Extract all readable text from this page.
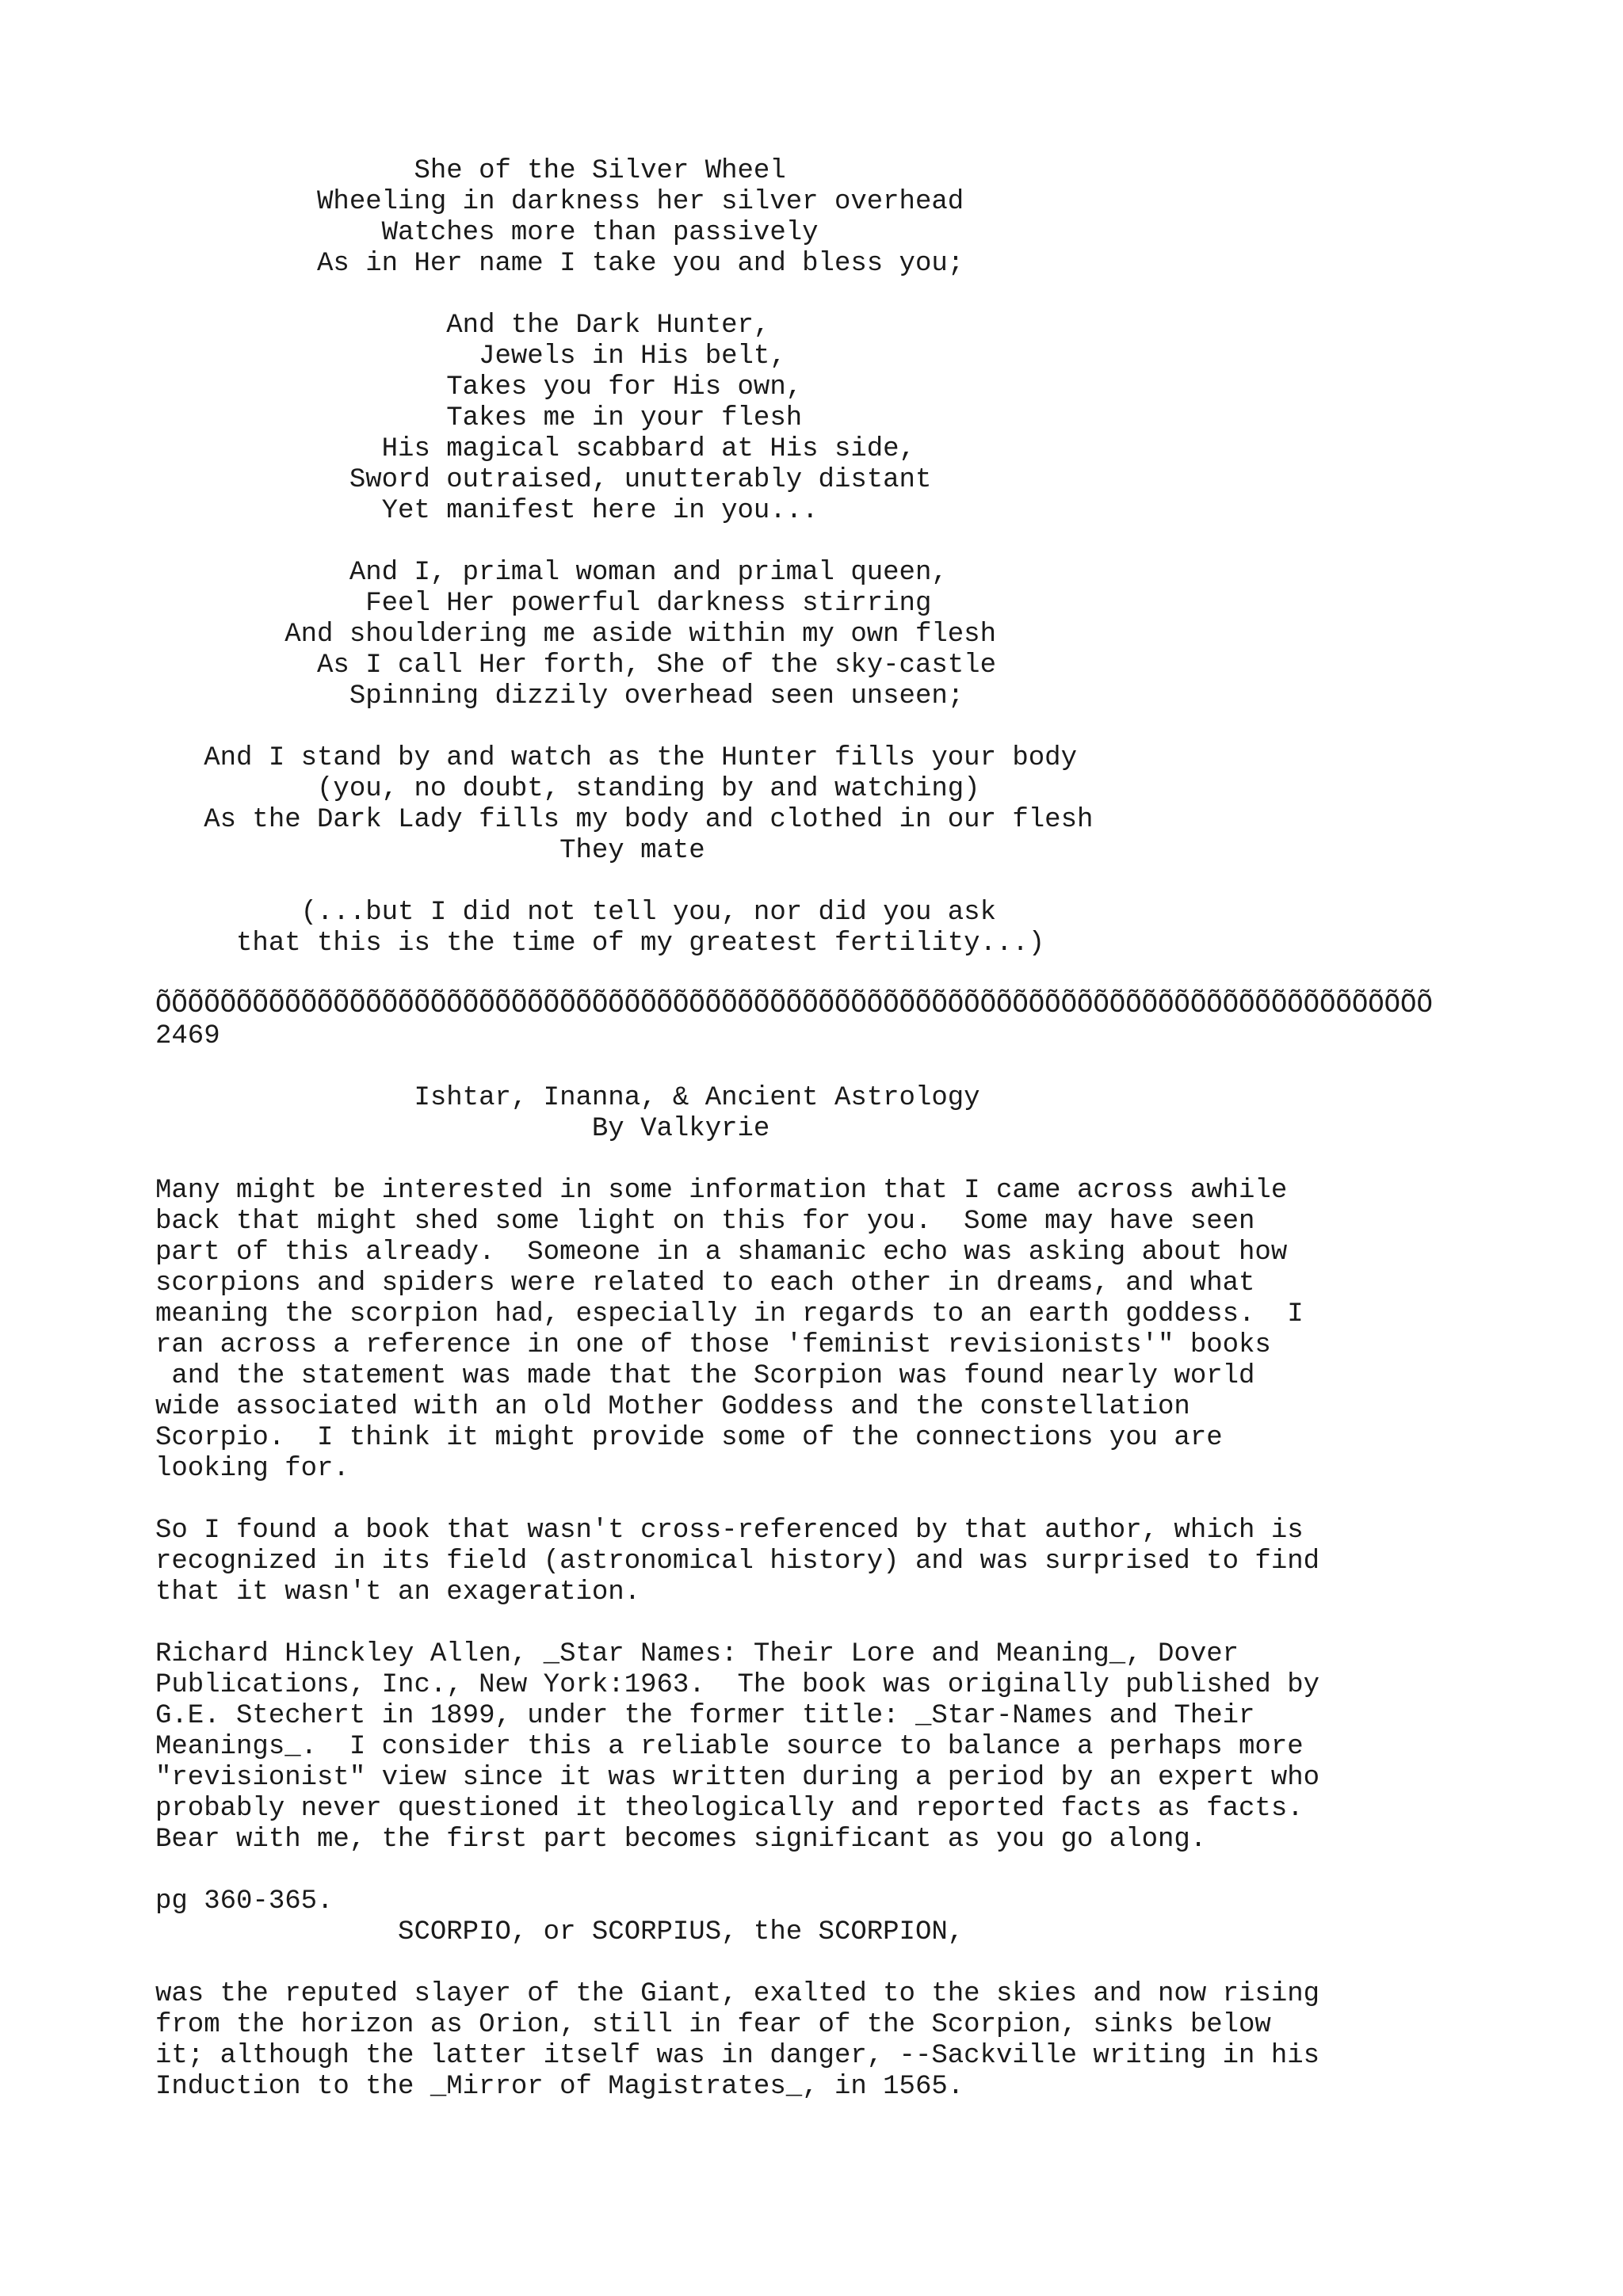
She of the Silver Wheel

Wheeling in darkness her silver overhead

Watches more than passively

As in Her name I take you and bless you;

And the Dark Hunter,

Jewels in His belt,

Takes you for His own,

Takes me in your flesh

His magical scabbard at His side,

Sword outraised, unutterably distant

Yet manifest here in you...

And I, primal woman and primal queen,

Feel Her powerful darkness stirring

And shouldering me aside within my own flesh

As I call Her forth, She of the sky-castle

Spinning dizzily overhead seen unseen;

And I stand by and watch as the Hunter fills your body

(you, no doubt, standing by and watching)

As the Dark Lady fills my body and clothed in our flesh

They mate

(...but I did not tell you, nor did you ask

that this is the time of my greatest fertility...)

ÕÕÕÕÕÕÕÕÕÕÕÕÕÕÕÕÕÕÕÕÕÕÕÕÕÕÕÕÕÕÕÕÕÕÕÕÕÕÕÕÕÕÕÕÕÕÕÕÕÕÕÕÕÕÕÕÕÕÕÕÕÕÕÕÕÕÕÕÕÕÕÕÕÕÕÕÕÕÕ

2469

Ishtar, Inanna, & Ancient Astrology

By Valkyrie

Many might be interested in some information that I came across awhile

back that might shed some light on this for you.  Some may have seen

part of this already.  Someone in a shamanic echo was asking about how

scorpions and spiders were related to each other in dreams, and what

meaning the scorpion had, especially in regards to an earth goddess.  I

ran across a reference in one of those 'feminist revisionists'" books

and the statement was made that the Scorpion was found nearly world

wide associated with an old Mother Goddess and the constellation

Scorpio.  I think it might provide some of the connections you are

looking for.

So I found a book that wasn't cross-referenced by that author, which is

recognized in its field (astronomical history) and was surprised to find

that it wasn't an exageration.

Richard Hinckley Allen, _Star Names: Their Lore and Meaning_, Dover

Publications, Inc., New York:1963.  The book was originally published by

G.E. Stechert in 1899, under the former title: _Star-Names and Their

Meanings_.  I consider this a reliable source to balance a perhaps more

"revisionist" view since it was written during a period by an expert who

probably never questioned it theologically and reported facts as facts.

Bear with me, the first part becomes significant as you go along.

pg 360-365.

SCORPIO, or SCORPIUS, the SCORPION,

was the reputed slayer of the Giant, exalted to the skies and now rising

from the horizon as Orion, still in fear of the Scorpion, sinks below

it; although the latter itself was in danger, --Sackville writing in his

Induction to the _Mirror of Magistrates_, in 1565.
